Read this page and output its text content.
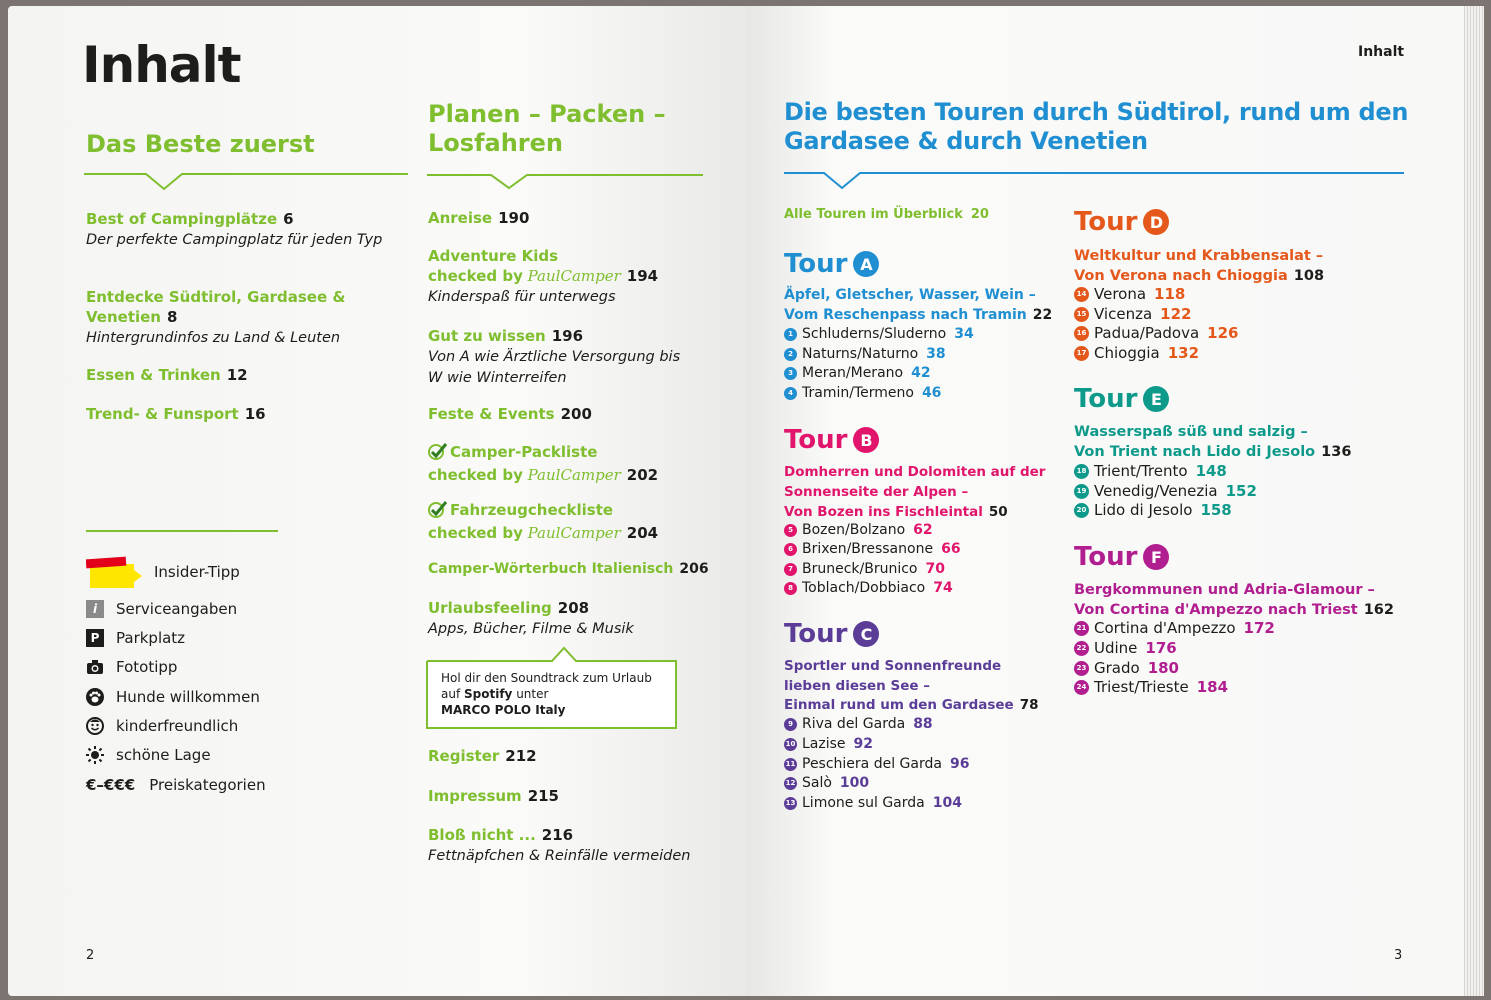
Inhalt
Das Beste zuerst
Best of Campingplätze 6
Der perfekte Campingplatz für jeden Typ
Entdecke Südtirol, Gardasee & Venetien 8
Hintergrundinfos zu Land & Leuten
Essen & Trinken 12
Trend- & Funsport 16
Insider-Tipp
i	Serviceangaben
P	Parkplatz
Fototipp
Hunde willkommen
kinderfreundlich
schöne Lage
€–€€€ Preiskategorien
Planen – Packen –
Losfahren
Anreise 190
Adventure Kids
checked by PaulCamper 194
Kinderspaß für unterwegs
Gut zu wissen 196
Von A wie Ärztliche Versorgung bis
W wie Winterreifen
Feste & Events 200
Camper-Packliste
checked by PaulCamper 202
Fahrzeugcheckliste
checked by PaulCamper 204
Camper-Wörterbuch Italienisch 206
Urlaubsfeeling 208
Apps, Bücher, Filme & Musik
Hol dir den Soundtrack zum Urlaub
auf Spotify unter
MARCO POLO Italy
Register 212
Impressum 215
Bloß nicht ... 216
Fettnäpfchen & Reinfälle vermeiden
2
Inhalt
Die besten Touren durch Südtirol, rund um den
Gardasee & durch Venetien
Alle Touren im Überblick 20
Tour A
Äpfel, Gletscher, Wasser, Wein –
Vom Reschenpass nach Tramin 22
1 Schluderns/Sluderno 34
2 Naturns/Naturno 38
3 Meran/Merano 42
4 Tramin/Termeno 46
Tour B
Domherren und Dolomiten auf der
Sonnenseite der Alpen –
Von Bozen ins Fischleintal 50
5 Bozen/Bolzano 62
6 Brixen/Bressanone 66
7 Bruneck/Brunico 70
8 Toblach/Dobbiaco 74
Tour C
Sportler und Sonnenfreunde
lieben diesen See –
Einmal rund um den Gardasee 78
9 Riva del Garda 88
10 Lazise 92
11 Peschiera del Garda 96
12 Salò 100
13 Limone sul Garda 104
Tour D
Weltkultur und Krabbensalat –
Von Verona nach Chioggia 108
14 Verona 118
15 Vicenza 122
16 Padua/Padova 126
17 Chioggia 132
Tour E
Wasserspaß süß und salzig –
Von Trient nach Lido di Jesolo 136
18 Trient/Trento 148
19 Venedig/Venezia 152
20 Lido di Jesolo 158
Tour F
Bergkommunen und Adria-Glamour –
Von Cortina d'Ampezzo nach Triest 162
21 Cortina d'Ampezzo 172
22 Udine 176
23 Grado 180
24 Triest/Trieste 184
3
